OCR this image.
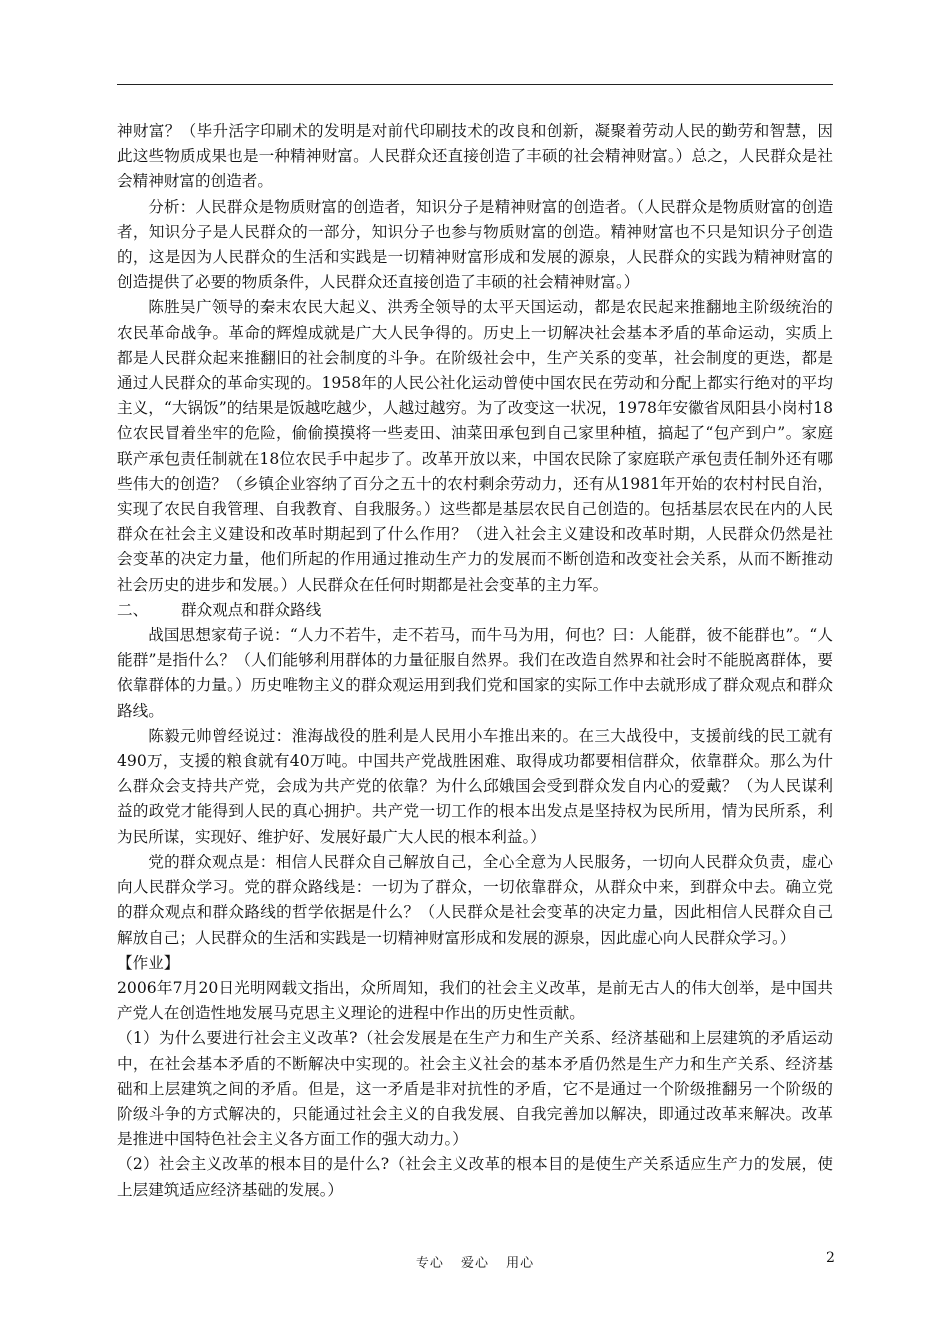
神财富？（毕升活字印刷术的发明是对前代印刷技术的改良和创新，凝聚着劳动人民的勤劳和智慧，因此这些物质成果也是一种精神财富。人民群众还直接创造了丰硕的社会精神财富。）总之，人民群众是社会精神财富的创造者。

分析：人民群众是物质财富的创造者，知识分子是精神财富的创造者。（人民群众是物质财富的创造者，知识分子是人民群众的一部分，知识分子也参与物质财富的创造。精神财富也不只是知识分子创造的，这是因为人民群众的生活和实践是一切精神财富形成和发展的源泉，人民群众的实践为精神财富的创造提供了必要的物质条件，人民群众还直接创造了丰硕的社会精神财富。）

陈胜吴广领导的秦末农民大起义、洪秀全领导的太平天国运动，都是农民起来推翻地主阶级统治的农民革命战争。革命的辉煌成就是广大人民争得的。历史上一切解决社会基本矛盾的革命运动，实质上都是人民群众起来推翻旧的社会制度的斗争。在阶级社会中，生产关系的变革，社会制度的更迭，都是通过人民群众的革命实现的。1958年的人民公社化运动曾使中国农民在劳动和分配上都实行绝对的平均主义，“大锅饭”的结果是饭越吃越少，人越过越穷。为了改变这一状况，1978年安徽省凤阳县小岗村18位农民冒着坐牢的危险，偷偷摸摸将一些麦田、油菜田承包到自己家里种植，搞起了“包产到户”。家庭联产承包责任制就在18位农民手中起步了。改革开放以来，中国农民除了家庭联产承包责任制外还有哪些伟大的创造？（乡镇企业容纳了百分之五十的农村剩余劳动力，还有从1981年开始的农村村民自治，实现了农民自我管理、自我教育、自我服务。）这些都是基层农民自己创造的。包括基层农民在内的人民群众在社会主义建设和改革时期起到了什么作用？（进入社会主义建设和改革时期，人民群众仍然是社会变革的决定力量，他们所起的作用通过推动生产力的发展而不断创造和改变社会关系，从而不断推动社会历史的进步和发展。）人民群众在任何时期都是社会变革的主力军。

二、 群众观点和群众路线

战国思想家荀子说：“人力不若牛，走不若马，而牛马为用，何也？曰：人能群，彼不能群也”。“人能群”是指什么？（人们能够利用群体的力量征服自然界。我们在改造自然界和社会时不能脱离群体，要依靠群体的力量。）历史唯物主义的群众观运用到我们党和国家的实际工作中去就形成了群众观点和群众路线。

陈毅元帅曾经说过：淮海战役的胜利是人民用小车推出来的。在三大战役中，支援前线的民工就有490万，支援的粮食就有40万吨。中国共产党战胜困难、取得成功都要相信群众，依靠群众。那么为什么群众会支持共产党，会成为共产党的依靠？为什么邱娥国会受到群众发自内心的爱戴？（为人民谋利益的政党才能得到人民的真心拥护。共产党一切工作的根本出发点是坚持权为民所用，情为民所系，利为民所谋，实现好、维护好、发展好最广大人民的根本利益。）

党的群众观点是：相信人民群众自己解放自己，全心全意为人民服务，一切向人民群众负责，虚心向人民群众学习。党的群众路线是：一切为了群众，一切依靠群众，从群众中来，到群众中去。确立党的群众观点和群众路线的哲学依据是什么？（人民群众是社会变革的决定力量，因此相信人民群众自己解放自己；人民群众的生活和实践是一切精神财富形成和发展的源泉，因此虚心向人民群众学习。）

【作业】

2006年7月20日光明网载文指出，众所周知，我们的社会主义改革，是前无古人的伟大创举，是中国共产党人在创造性地发展马克思主义理论的进程中作出的历史性贡献。

（1）为什么要进行社会主义改革?（社会发展是在生产力和生产关系、经济基础和上层建筑的矛盾运动中，在社会基本矛盾的不断解决中实现的。社会主义社会的基本矛盾仍然是生产力和生产关系、经济基础和上层建筑之间的矛盾。但是，这一矛盾是非对抗性的矛盾，它不是通过一个阶级推翻另一个阶级的阶级斗争的方式解决的，只能通过社会主义的自我发展、自我完善加以解决，即通过改革来解决。改革是推进中国特色社会主义各方面工作的强大动力。）

（2）社会主义改革的根本目的是什么?（社会主义改革的根本目的是使生产关系适应生产力的发展，使上层建筑适应经济基础的发展。）

专心 爱心 用心	2
